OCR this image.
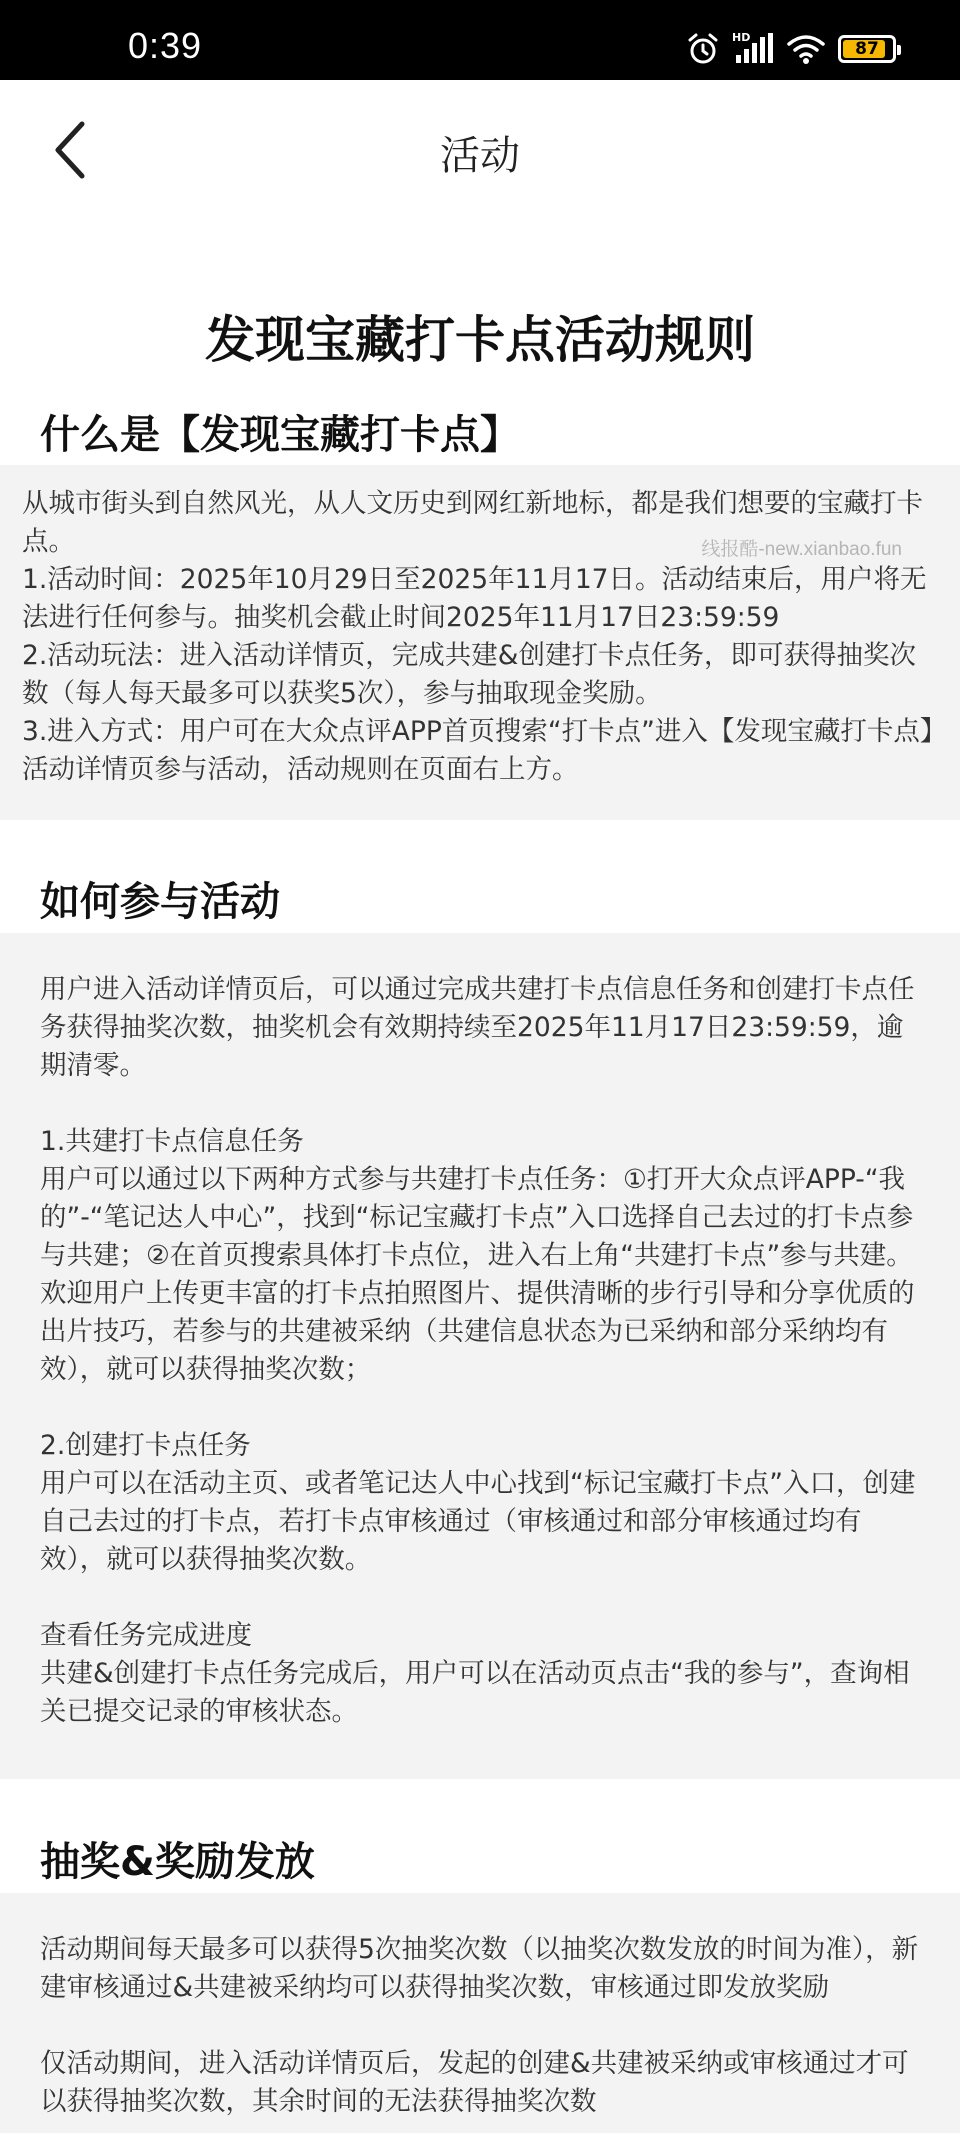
0:39	HD
87
活动
发现宝藏打卡点活动规则
什么是【发现宝藏打卡点】

从城市街头到自然风光，从人文历史到网红新地标，都是我们想要的宝藏打卡点。

1.活动时间：2025年10月29日至2025年11月17日。活动结束后，用户将无法进行任何参与。抽奖机会截止时间2025年11月17日23:59:59

2.活动玩法：进入活动详情页，完成共建&创建打卡点任务，即可获得抽奖次数（每人每天最多可以获奖5次），参与抽取现金奖励。

3.进入方式：用户可在大众点评APP首页搜索“打卡点”进入【发现宝藏打卡点】活动详情页参与活动，活动规则在页面右上方。

线报酷-new.xianbao.fun
如何参与活动

用户进入活动详情页后，可以通过完成共建打卡点信息任务和创建打卡点任务获得抽奖次数，抽奖机会有效期持续至2025年11月17日23:59:59，逾期清零。

1.共建打卡点信息任务

用户可以通过以下两种方式参与共建打卡点任务：①打开大众点评APP-“我的”-“笔记达人中心”，找到“标记宝藏打卡点”入口选择自己去过的打卡点参与共建；②在首页搜索具体打卡点位，进入右上角“共建打卡点”参与共建。欢迎用户上传更丰富的打卡点拍照图片、提供清晰的步行引导和分享优质的出片技巧，若参与的共建被采纳（共建信息状态为已采纳和部分采纳均有效），就可以获得抽奖次数；

2.创建打卡点任务

用户可以在活动主页、或者笔记达人中心找到“标记宝藏打卡点”入口，创建自己去过的打卡点，若打卡点审核通过（审核通过和部分审核通过均有效），就可以获得抽奖次数。

查看任务完成进度

共建&创建打卡点任务完成后，用户可以在活动页点击“我的参与”，查询相关已提交记录的审核状态。

抽奖&奖励发放

活动期间每天最多可以获得5次抽奖次数（以抽奖次数发放的时间为准），新建审核通过&共建被采纳均可以获得抽奖次数，审核通过即发放奖励

仅活动期间，进入活动详情页后，发起的创建&共建被采纳或审核通过才可以获得抽奖次数，其余时间的无法获得抽奖次数
